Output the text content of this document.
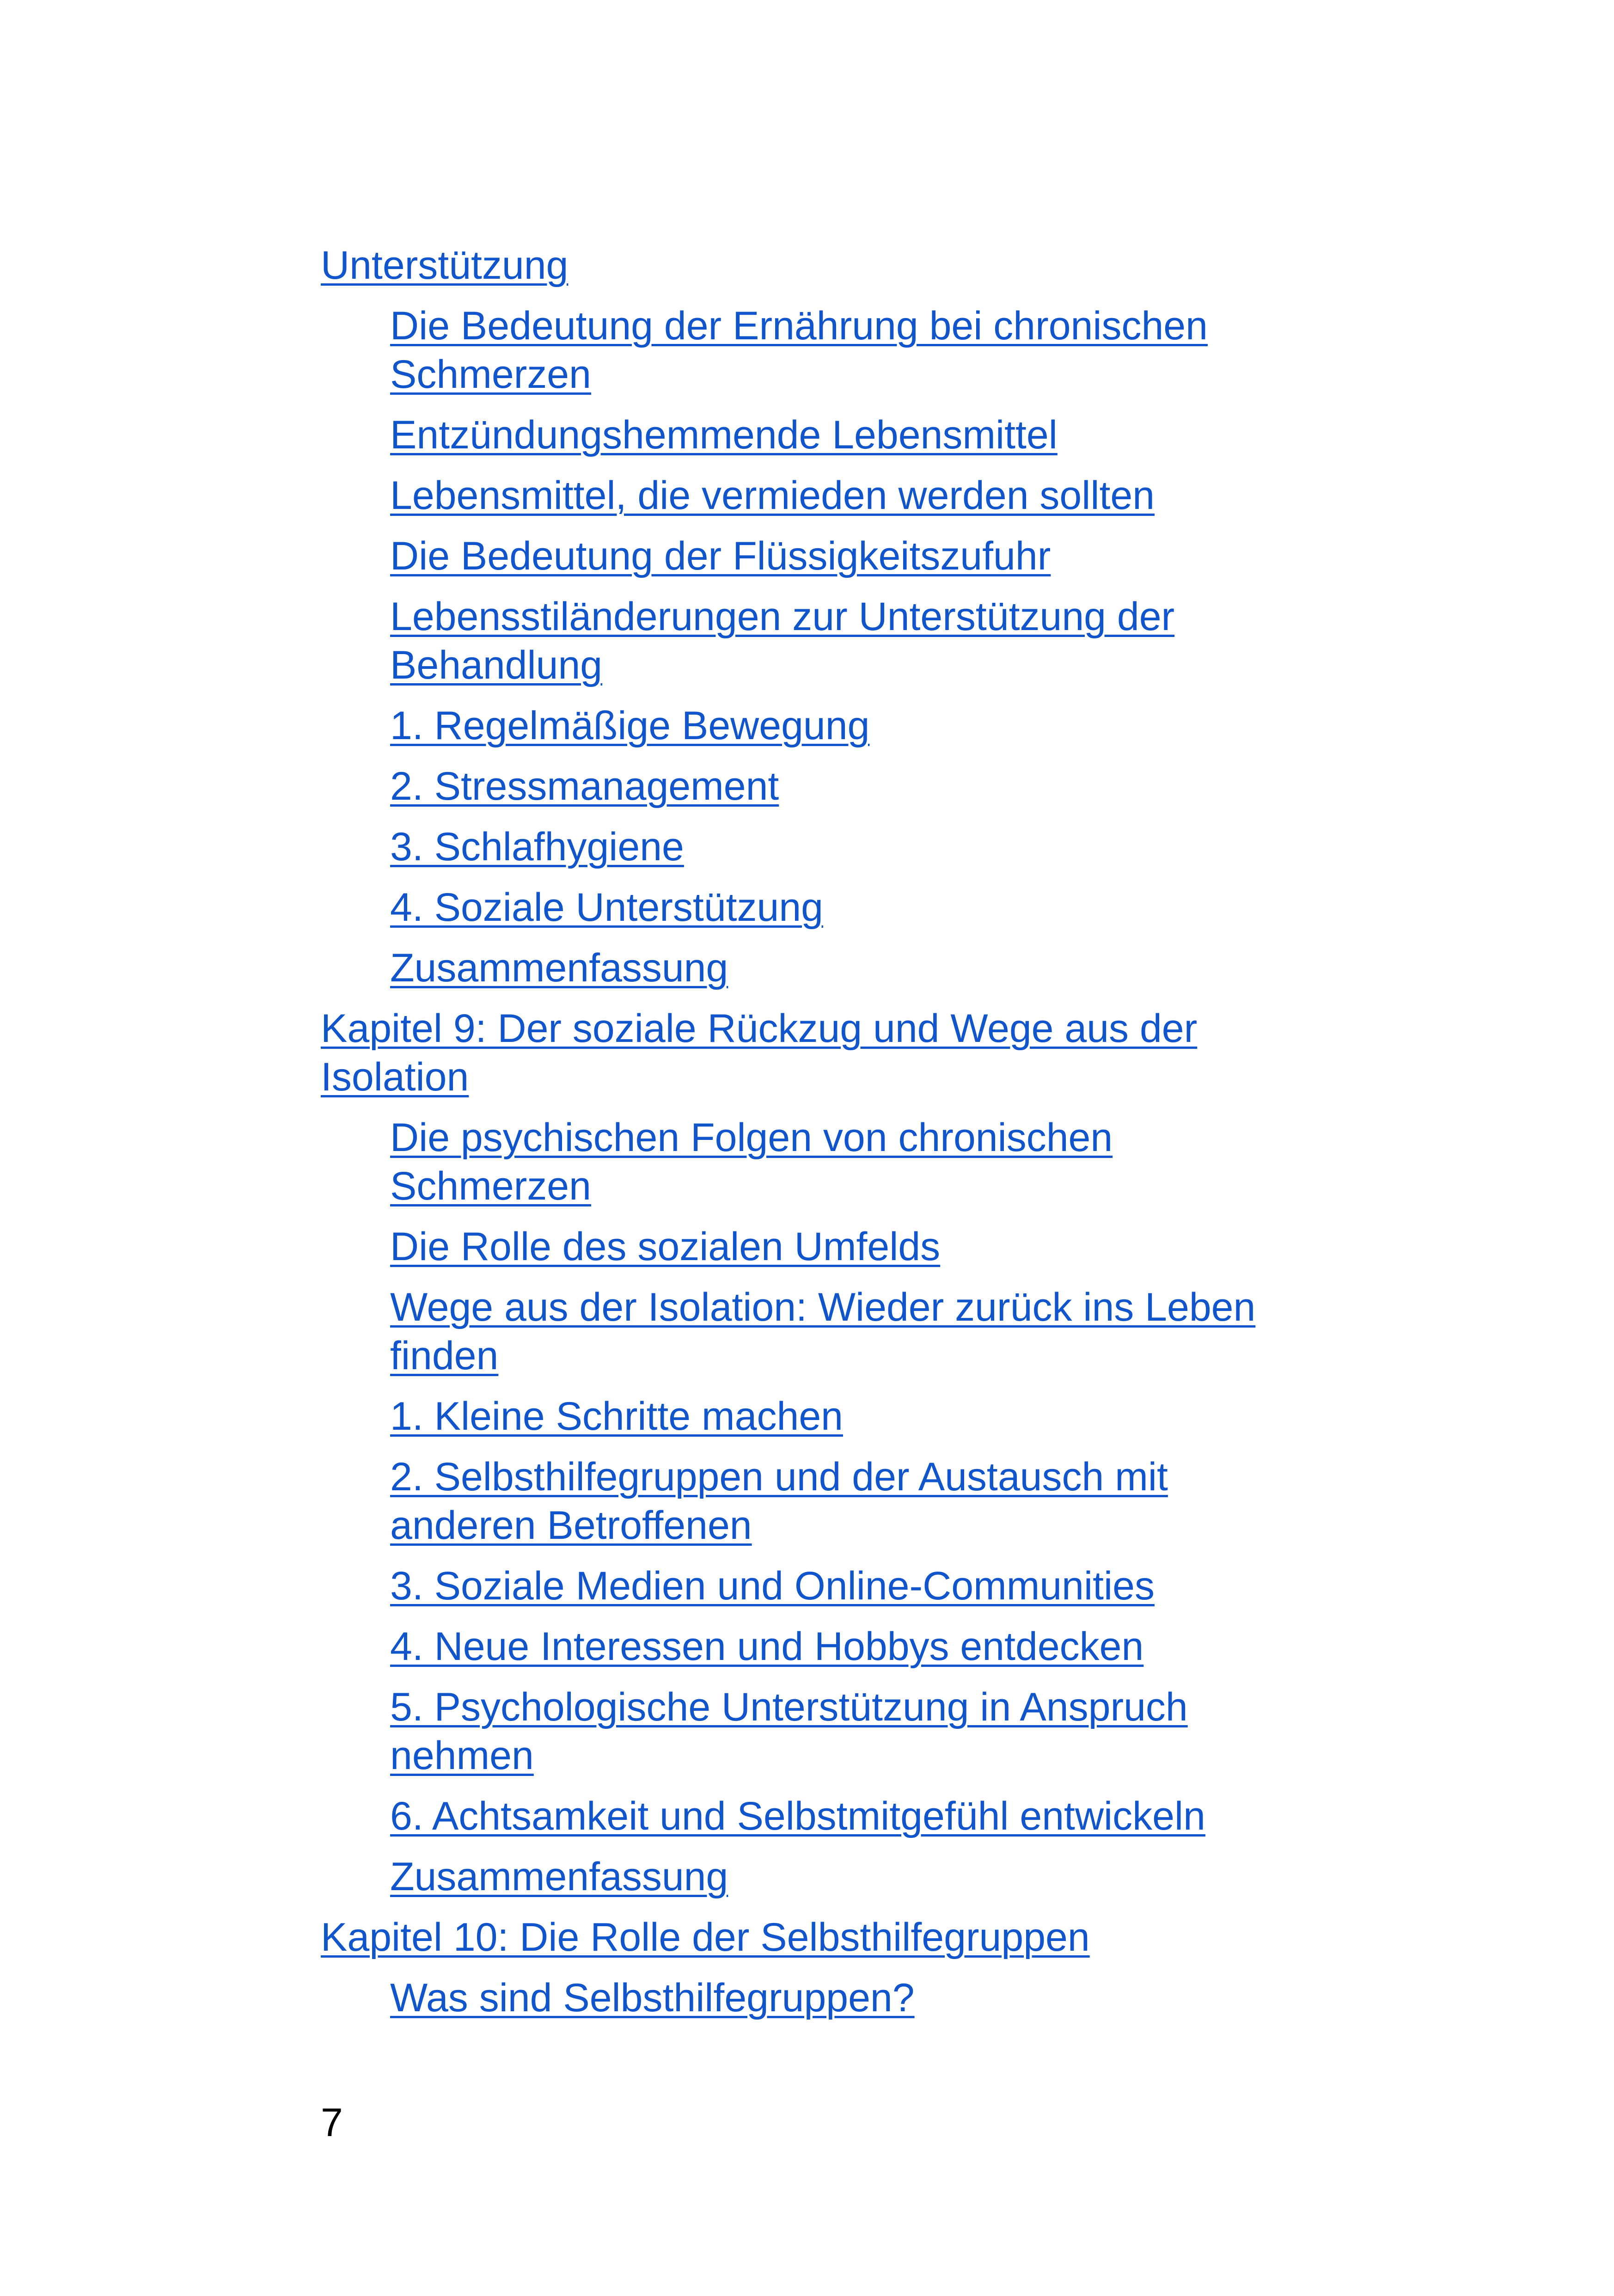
Unterstützung
Die Bedeutung der Ernährung bei chronischen Schmerzen
Entzündungshemmende Lebensmittel
Lebensmittel, die vermieden werden sollten
Die Bedeutung der Flüssigkeitszufuhr
Lebensstiländerungen zur Unterstützung der Behandlung
1. Regelmäßige Bewegung
2. Stressmanagement
3. Schlafhygiene
4. Soziale Unterstützung
Zusammenfassung
Kapitel 9: Der soziale Rückzug und Wege aus der Isolation
Die psychischen Folgen von chronischen Schmerzen
Die Rolle des sozialen Umfelds
Wege aus der Isolation: Wieder zurück ins Leben finden
1. Kleine Schritte machen
2. Selbsthilfegruppen und der Austausch mit anderen Betroffenen
3. Soziale Medien und Online-Communities
4. Neue Interessen und Hobbys entdecken
5. Psychologische Unterstützung in Anspruch nehmen
6. Achtsamkeit und Selbstmitgefühl entwickeln
Zusammenfassung
Kapitel 10: Die Rolle der Selbsthilfegruppen
Was sind Selbsthilfegruppen?
7
